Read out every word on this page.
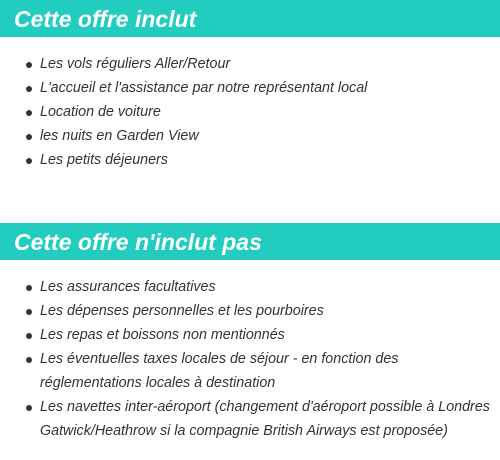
Cette offre inclut
Les vols réguliers Aller/Retour
L'accueil et l'assistance par notre représentant local
Location de voiture
les nuits en Garden View
Les petits déjeuners
Cette offre n'inclut pas
Les assurances facultatives
Les dépenses personnelles et les pourboires
Les repas et boissons non mentionnés
Les éventuelles taxes locales de séjour - en fonction des réglementations locales à destination
Les navettes inter-aéroport (changement d'aéroport possible à Londres Gatwick/Heathrow si la compagnie British Airways est proposée)
